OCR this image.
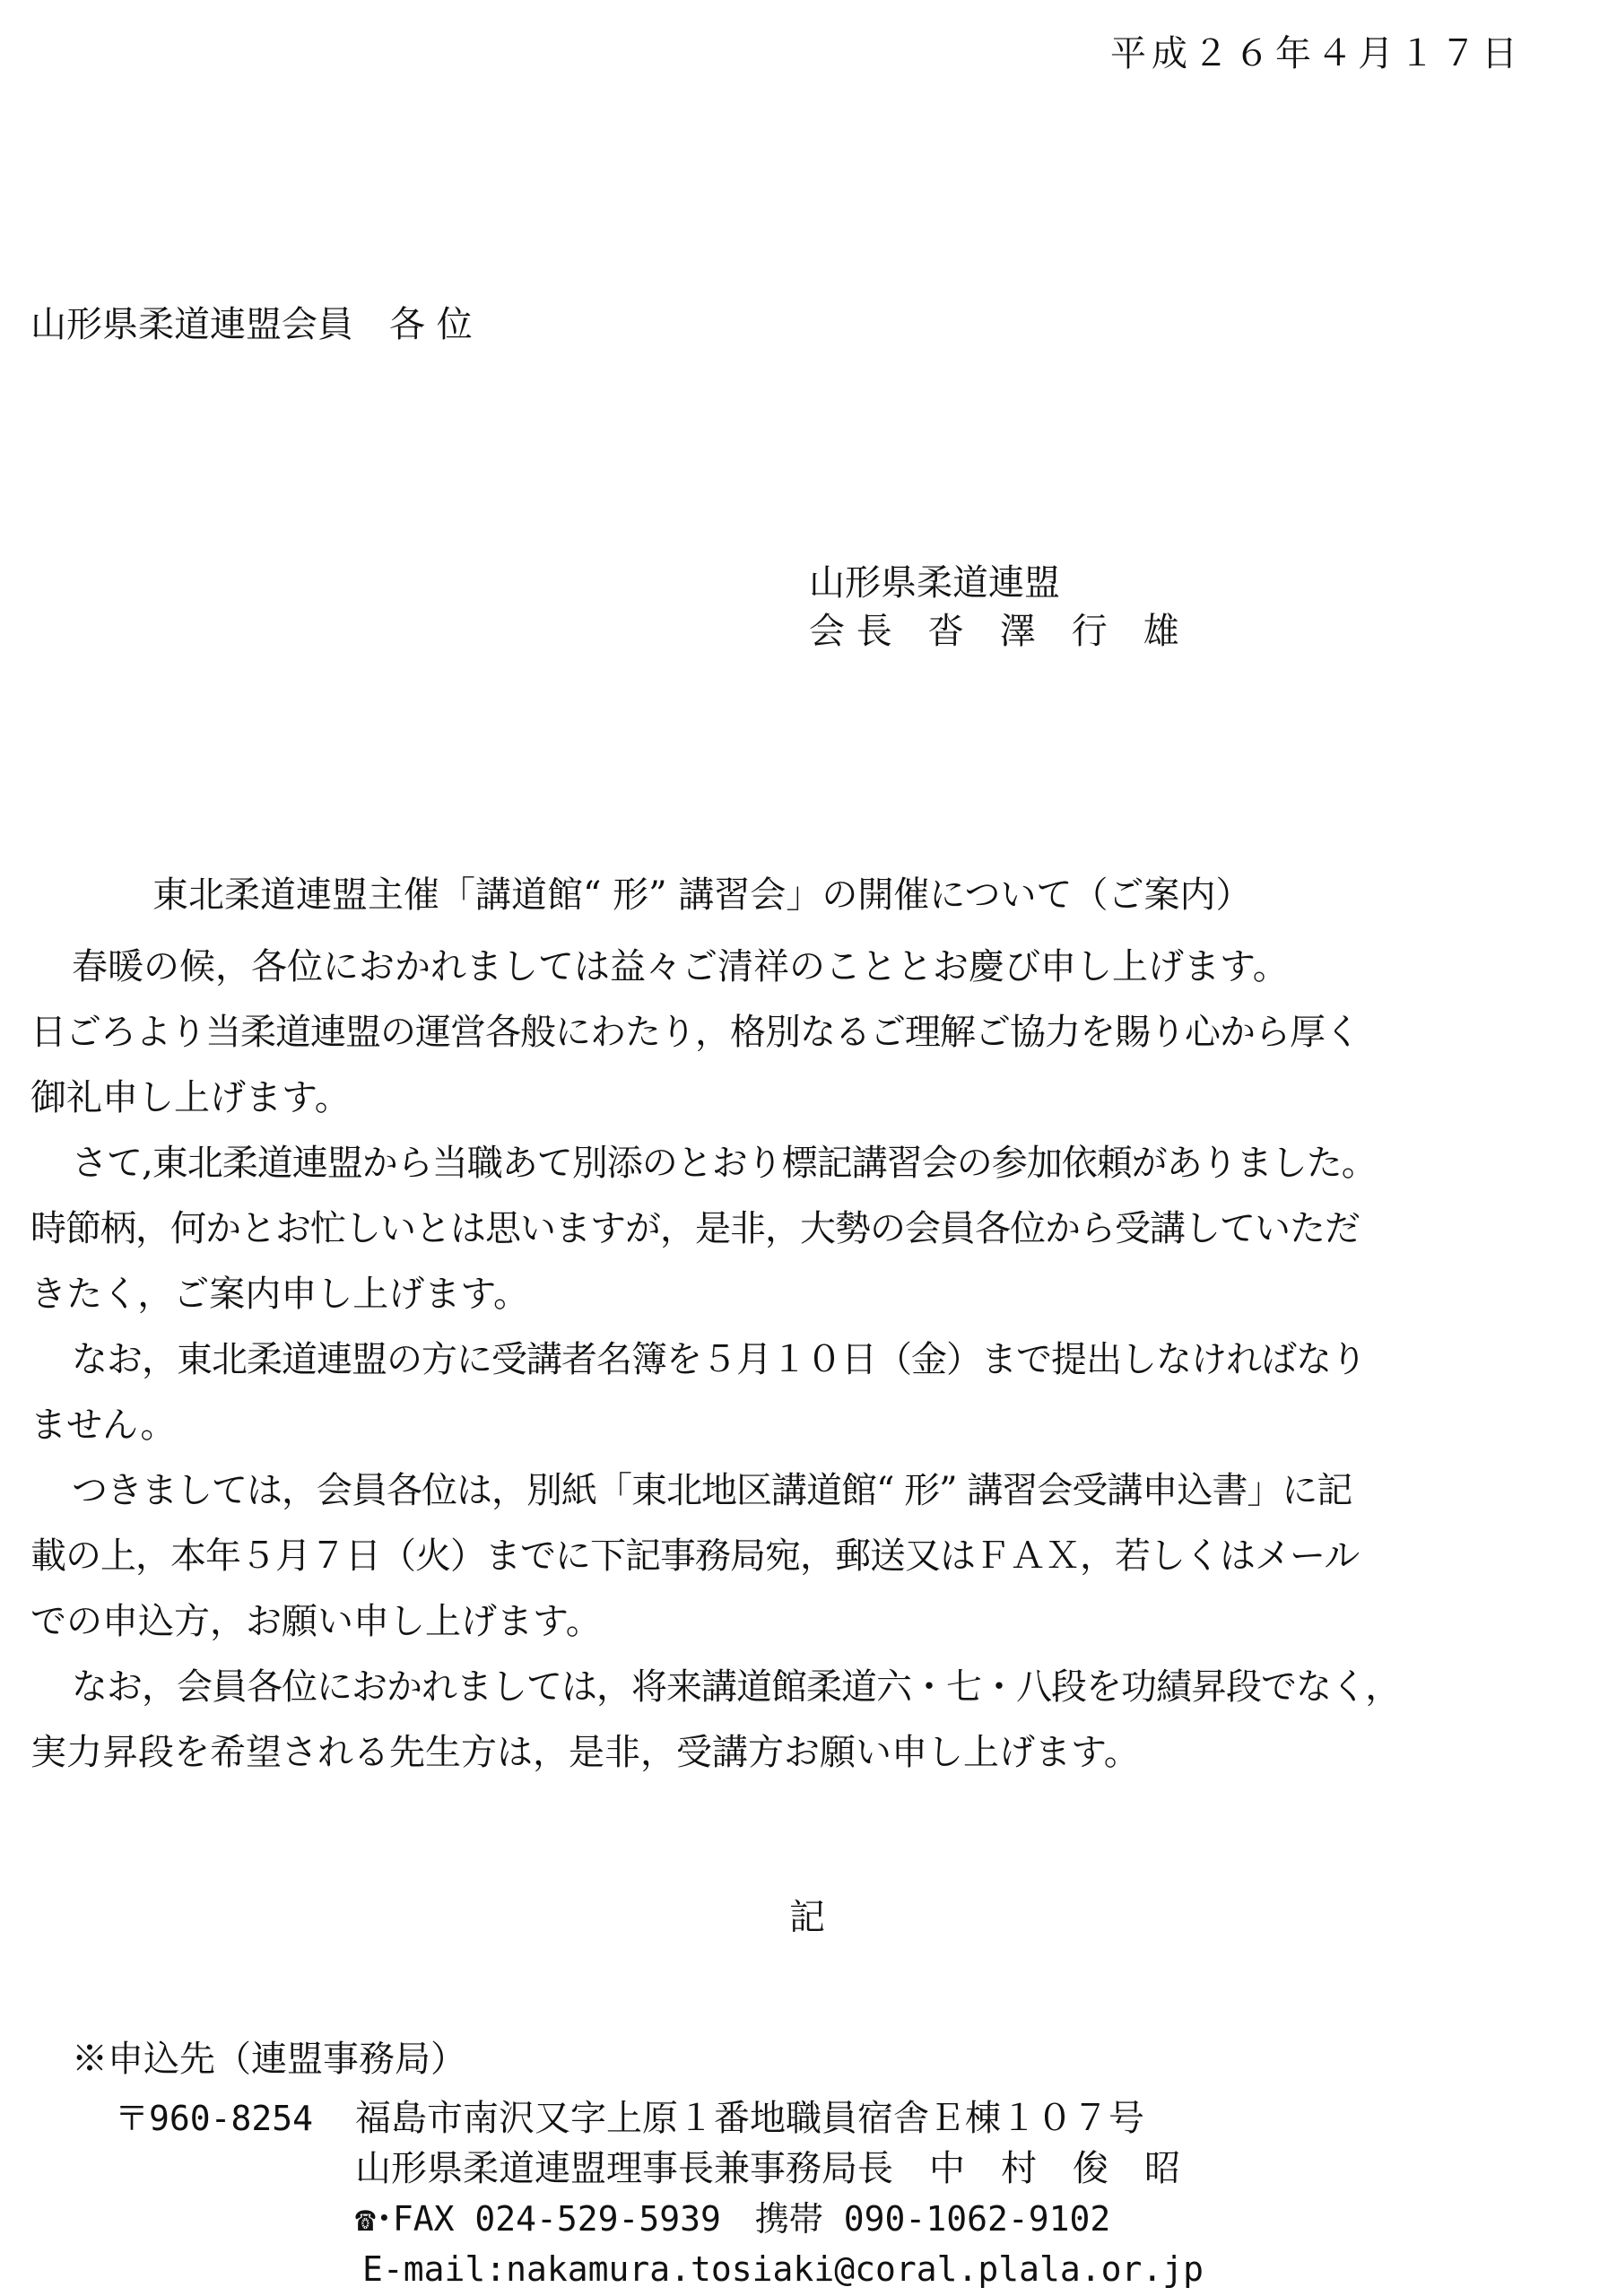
平成２６年４月１７日
山形県柔道連盟会員　各 位
山形県柔道連盟
会 長　沓　澤　行　雄
東北柔道連盟主催「講道館“ 形” 講習会」の開催について（ご案内）
春暖の候，各位におかれましては益々ご清祥のこととお慶び申し上げます。
日ごろより当柔道連盟の運営各般にわたり，格別なるご理解ご協力を賜り心から厚く
御礼申し上げます。
さて,東北柔道連盟から当職あて別添のとおり標記講習会の参加依頼がありました。
時節柄，何かとお忙しいとは思いますが，是非，大勢の会員各位から受講していただ
きたく，ご案内申し上げます。
なお，東北柔道連盟の方に受講者名簿を５月１０日（金）まで提出しなければなり
ません。
つきましては，会員各位は，別紙「東北地区講道館“ 形” 講習会受講申込書」に記
載の上，本年５月７日（火）までに下記事務局宛，郵送又はＦＡＸ，若しくはメール
での申込方，お願い申し上げます。
なお，会員各位におかれましては，将来講道館柔道六・七・八段を功績昇段でなく，
実力昇段を希望される先生方は，是非，受講方お願い申し上げます。
記
※申込先（連盟事務局）
〒960-8254 福島市南沢又字上原１番地職員宿舎Ｅ棟１０７号
山形県柔道連盟理事長兼事務局長　中　村　俊　昭
☎･FAX 024-529-5939　携帯 090-1062-9102
E-mail:nakamura.tosiaki@coral.plala.or.jp
